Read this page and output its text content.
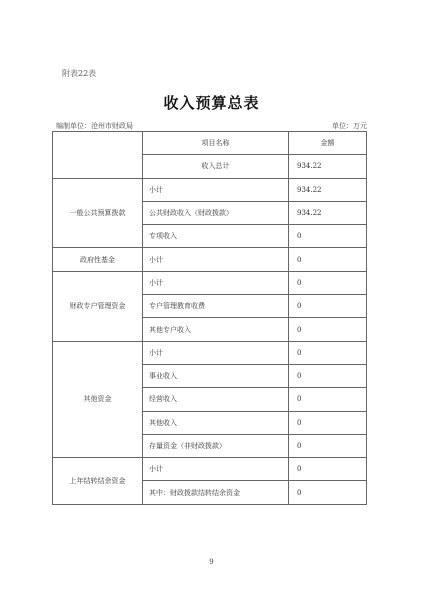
附表22表
收入预算总表
编制单位：沧州市财政局	单位：万元
	项目名称	金额
	收入总计	934.22
一般公共预算拨款	小计	934.22
	公共财政收入（财政拨款）	934.22
	专项收入	0
政府性基金	小计	0
财政专户管理资金	小计	0
	专户管理教育收费	0
	其他专户收入	0
其他资金	小计	0
	事业收入	0
	经营收入	0
	其他收入	0
	存量资金（非财政拨款）	0
上年结转结余资金	小计	0
	其中：财政拨款结转结余资金	0
9
